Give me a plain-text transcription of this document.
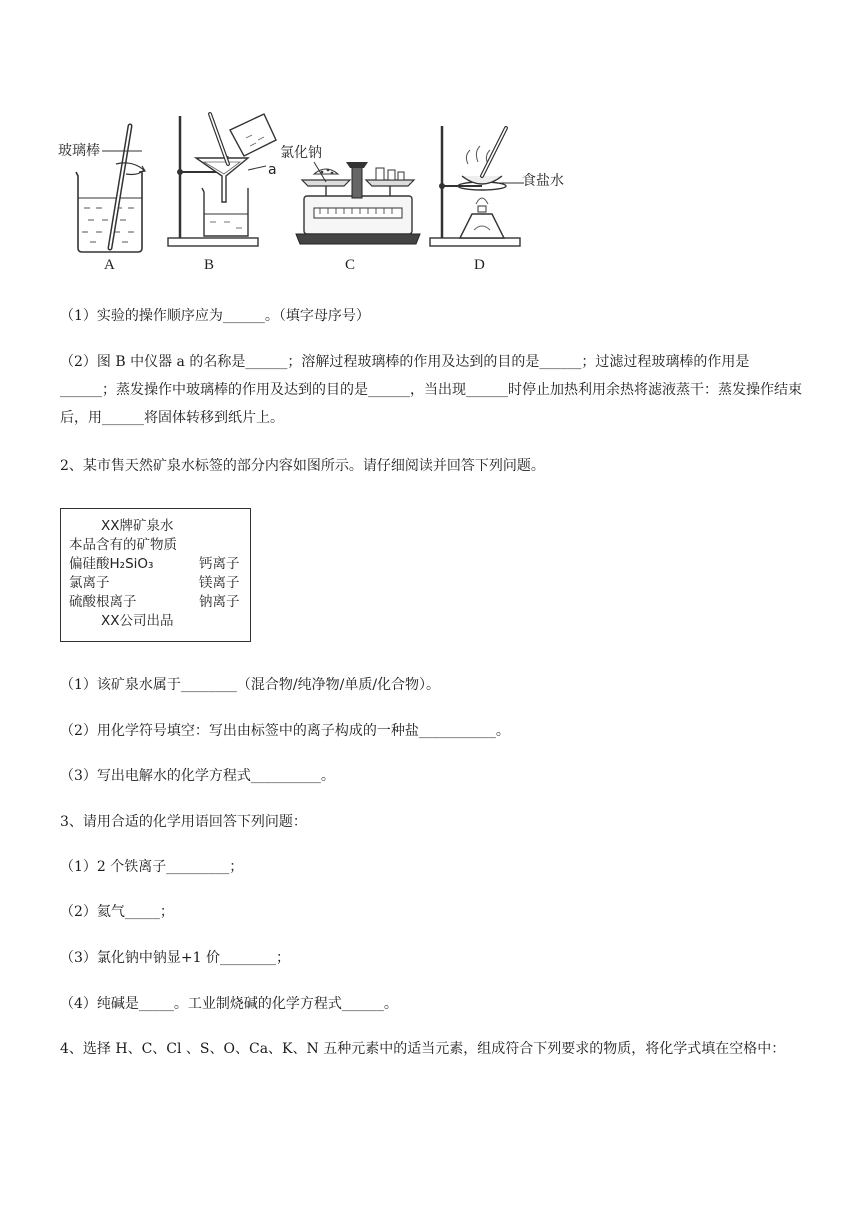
玻璃棒
A
a
B
氯化钠
C
食盐水
D
（1）实验的操作顺序应为______。（填字母序号）
（2）图 B 中仪器 a 的名称是______；溶解过程玻璃棒的作用及达到的目的是______；过滤过程玻璃棒的作用是______；蒸发操作中玻璃棒的作用及达到的目的是______，当出现______时停止加热利用余热将滤液蒸干：蒸发操作结束后，用______将固体转移到纸片上。
2、某市售天然矿泉水标签的部分内容如图所示。请仔细阅读并回答下列问题。
XX牌矿泉水
本品含有的矿物质
偏硅酸H₂SiO₃	钙离子
氯离子	镁离子
硫酸根离子	钠离子
XX公司出品
（1）该矿泉水属于________（混合物/纯净物/单质/化合物）。
（2）用化学符号填空：写出由标签中的离子构成的一种盐___________。
（3）写出电解水的化学方程式__________。
3、请用合适的化学用语回答下列问题：
（1）2 个铁离子_________；
（2）氦气_____；
（3）氯化钠中钠显+1 价________；
（4）纯碱是_____。工业制烧碱的化学方程式______。
4、选择 H、C、Cl 、S、O、Ca、K、N 五种元素中的适当元素，组成符合下列要求的物质，将化学式填在空格中：
